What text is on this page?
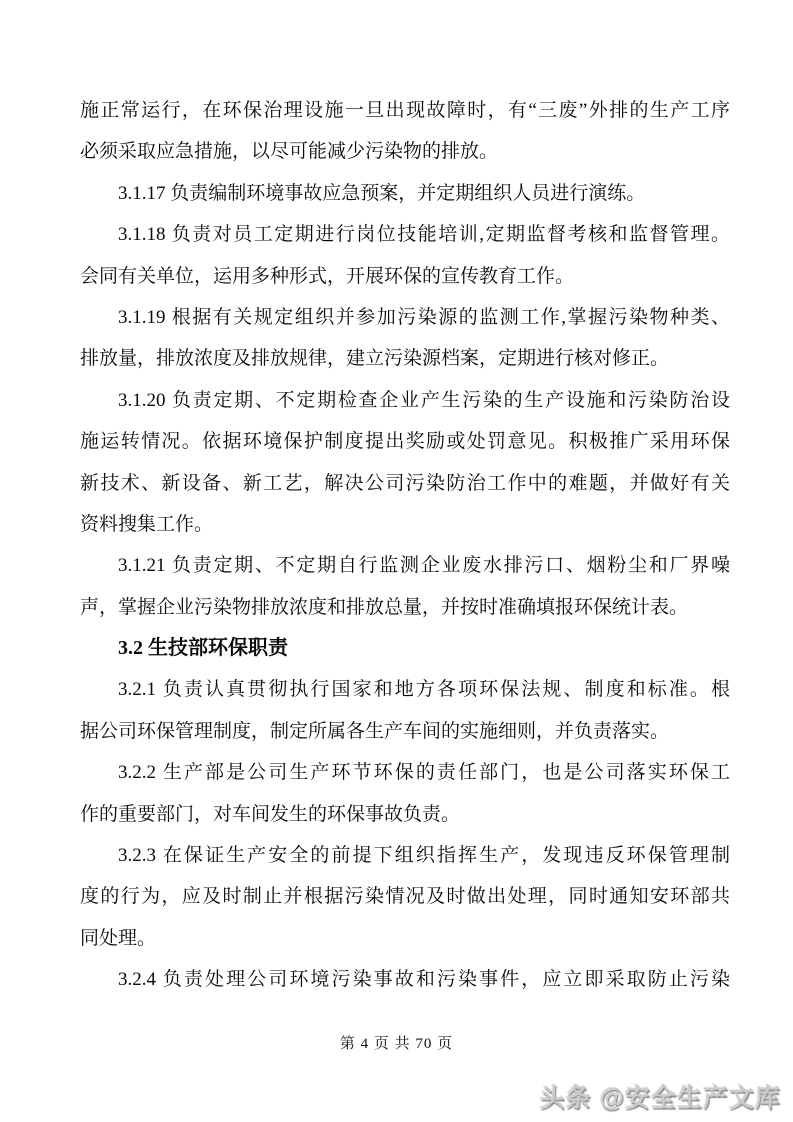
施正常运行，在环保治理设施一旦出现故障时，有“三废”外排的生产工序
必须采取应急措施，以尽可能减少污染物的排放。
3.1.17 负责编制环境事故应急预案，并定期组织人员进行演练。
3.1.18 负责对员工定期进行岗位技能培训,定期监督考核和监督管理。
会同有关单位，运用多种形式，开展环保的宣传教育工作。
3.1.19 根据有关规定组织并参加污染源的监测工作,掌握污染物种类、
排放量，排放浓度及排放规律，建立污染源档案，定期进行核对修正。
3.1.20 负责定期、不定期检查企业产生污染的生产设施和污染防治设
施运转情况。依据环境保护制度提出奖励或处罚意见。积极推广采用环保
新技术、新设备、新工艺，解决公司污染防治工作中的难题，并做好有关
资料搜集工作。
3.1.21 负责定期、不定期自行监测企业废水排污口、烟粉尘和厂界噪
声，掌握企业污染物排放浓度和排放总量，并按时准确填报环保统计表。
3.2 生技部环保职责
3.2.1 负责认真贯彻执行国家和地方各项环保法规、制度和标准。根
据公司环保管理制度，制定所属各生产车间的实施细则，并负责落实。
3.2.2 生产部是公司生产环节环保的责任部门，也是公司落实环保工
作的重要部门，对车间发生的环保事故负责。
3.2.3 在保证生产安全的前提下组织指挥生产，发现违反环保管理制
度的行为，应及时制止并根据污染情况及时做出处理，同时通知安环部共
同处理。
3.2.4 负责处理公司环境污染事故和污染事件，应立即采取防止污染
第 4 页 共 70 页
头条 @安全生产文库
